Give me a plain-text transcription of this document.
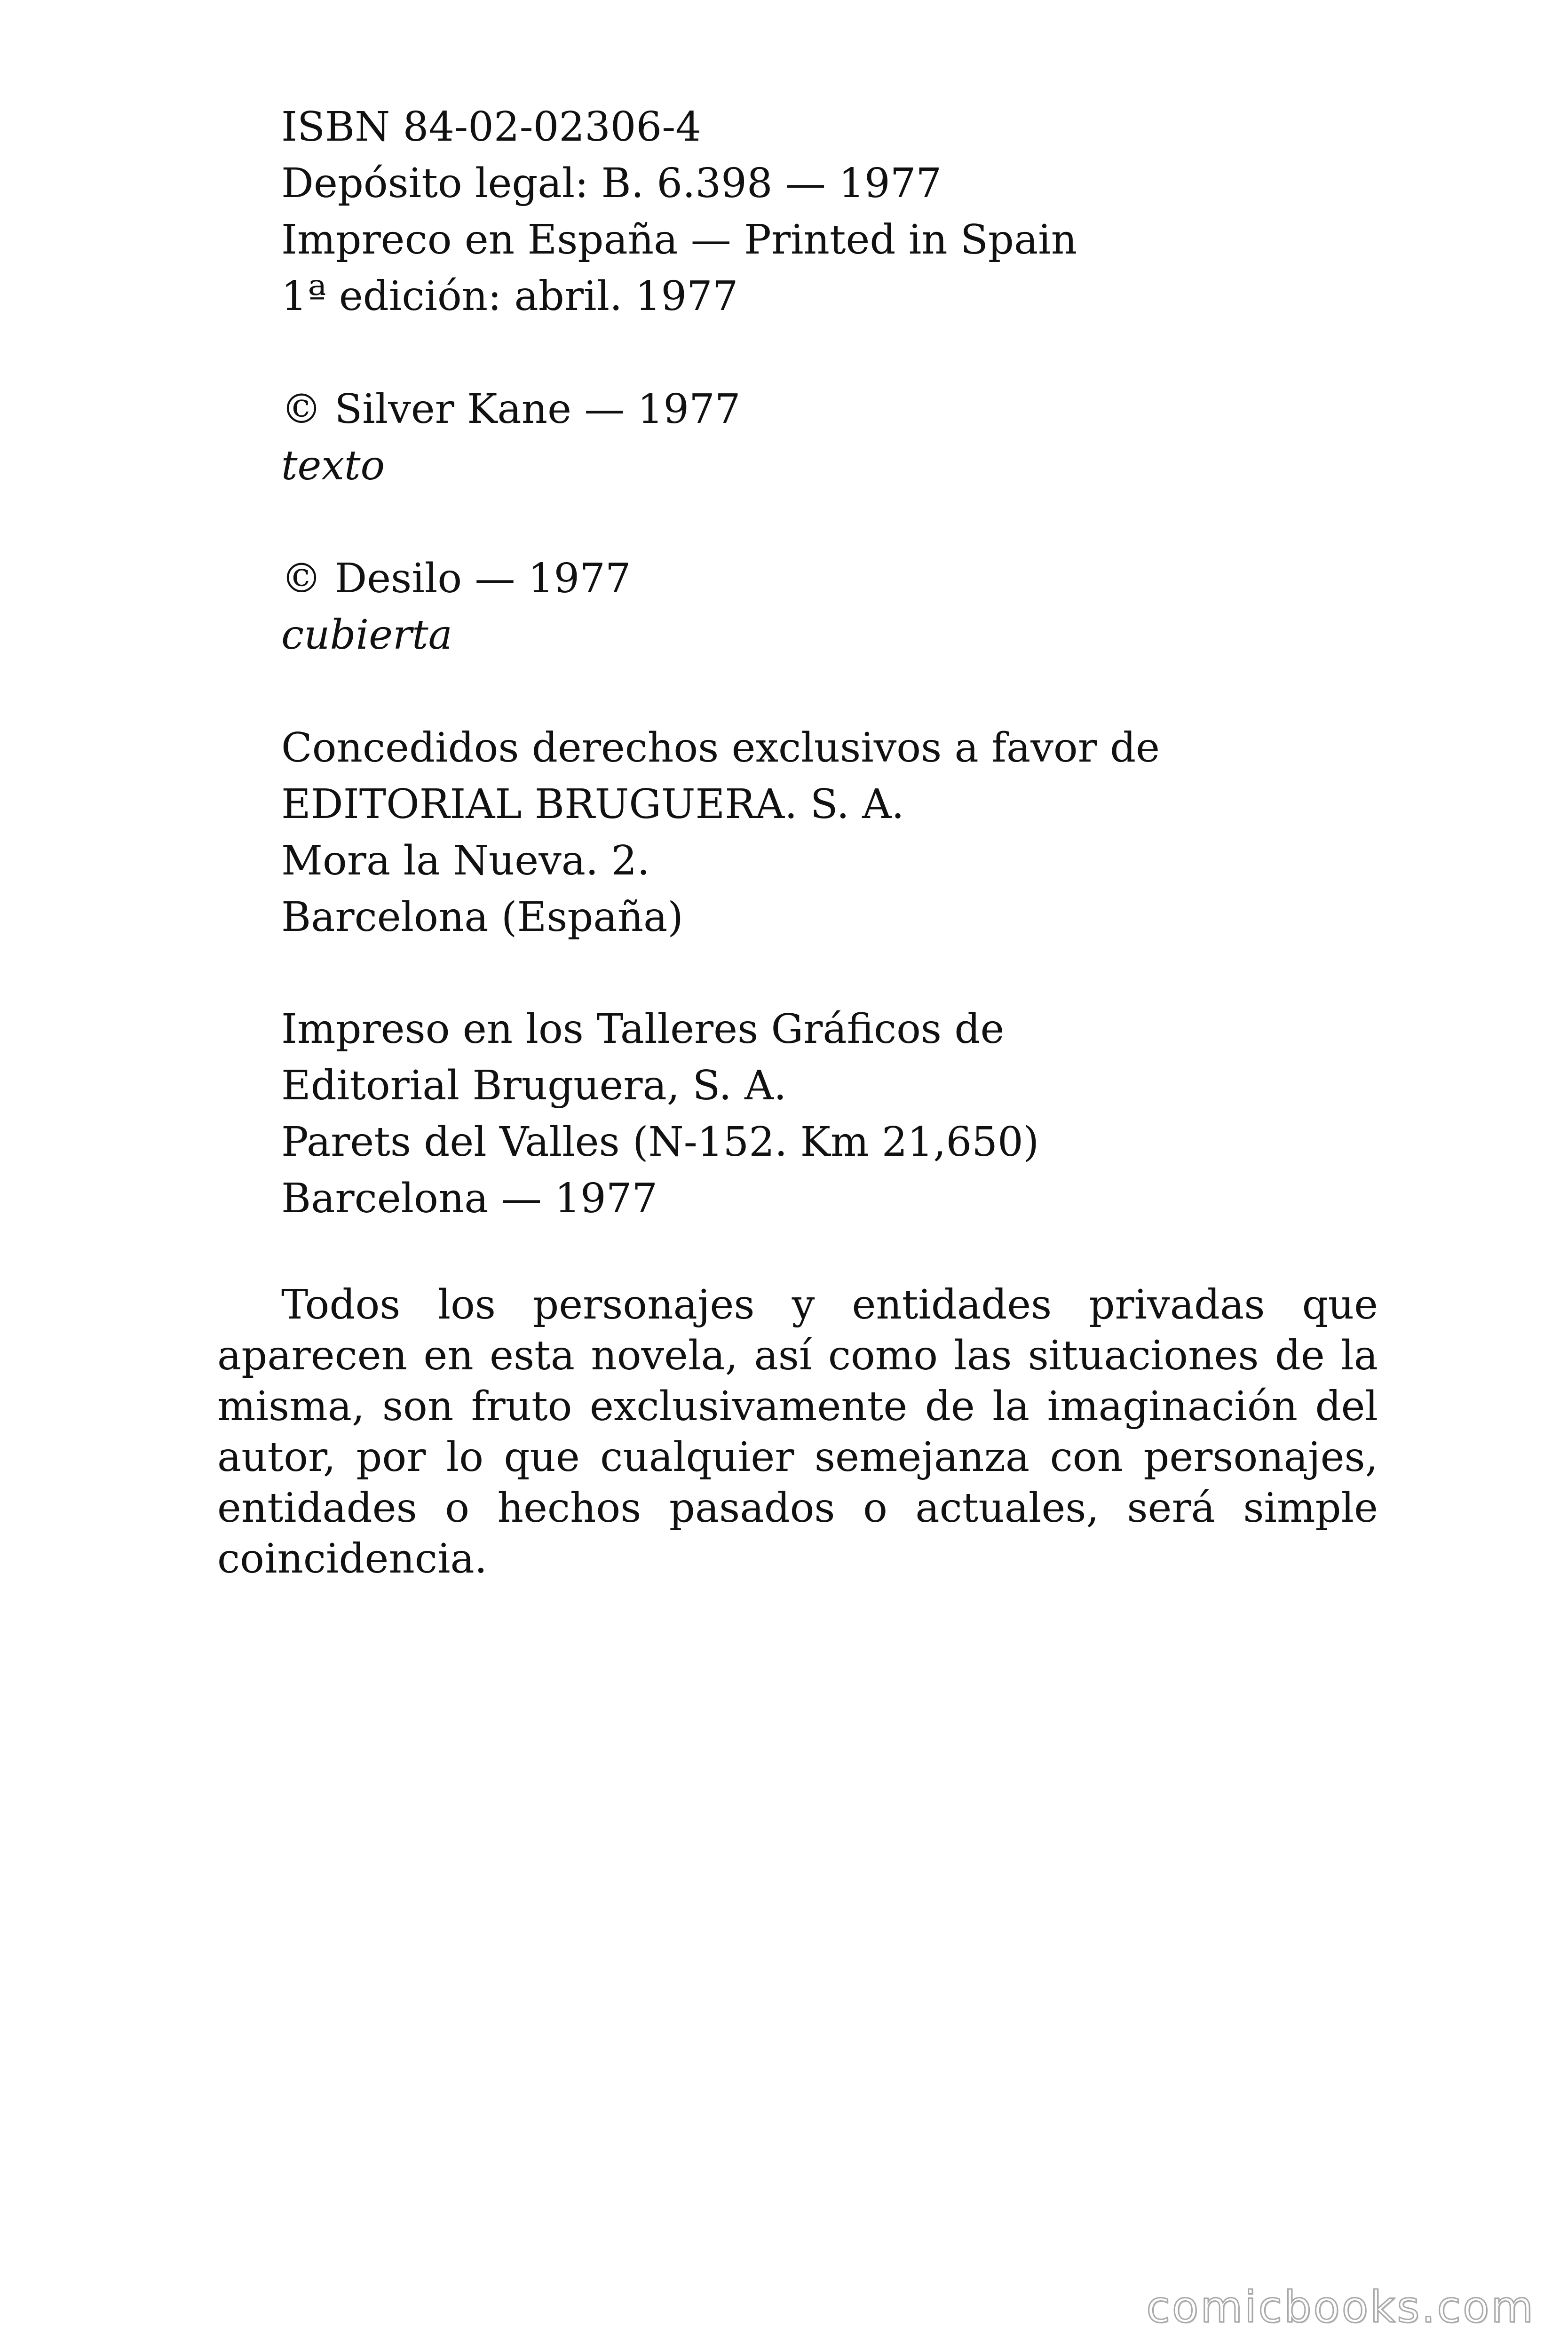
ISBN 84-02-02306-4
Depósito legal: B. 6.398 — 1977
Impreco en España — Printed in Spain
1ª edición: abril. 1977
© Silver Kane — 1977
texto
© Desilo — 1977
cubierta
Concedidos derechos exclusivos a favor de
EDITORIAL BRUGUERA. S. A.
Mora la Nueva. 2.
Barcelona (España)
Impreso en los Talleres Gráficos de
Editorial Bruguera, S. A.
Parets del Valles (N-152. Km 21,650)
Barcelona — 1977

Todos los personajes y entidades privadas que aparecen en esta novela, así como las situaciones de la misma, son fruto exclusivamente de la imaginación del autor, por lo que cualquier semejanza con personajes, entidades o hechos pasados o actuales, será simple coincidencia.

comicbooks.com
